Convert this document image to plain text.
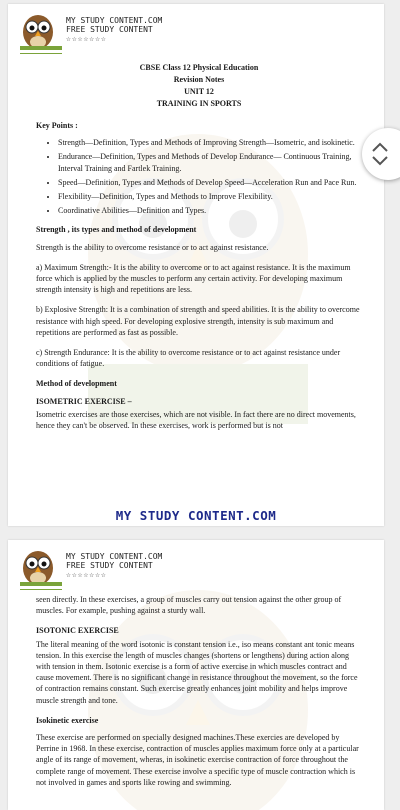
MY STUDY CONTENT.COM
FREE STUDY CONTENT
☆☆☆☆☆☆☆
CBSE Class 12 Physical Education
Revision Notes
UNIT 12
TRAINING IN SPORTS
Key Points :
• Strength—Definition, Types and Methods of Improving Strength—Isometric, and isokinetic.
• Endurance—Definition, Types and Methods of Develop Endurance— Continuous Training, Interval Training and Fartlek Training.
• Speed—Definition, Types and Methods of Develop Speed—Acceleration Run and Pace Run.
• Flexibility—Definition, Types and Methods to Improve Flexibility.
• Coordinative Abilities—Definition and Types.
Strength , its types and method of development

Strength is the ability to overcome resistance or to act against resistance.

a) Maximum Strength:- It is the ability to overcome or to act against resistance. It is the maximum force which is applied by the muscles to perform any certain activity. For developing maximum strength intensity is high and repetitions are less.

b) Explosive Strength: It is a combination of strength and speed abilities. It is the ability to overcome resistance with high speed. For developing explosive strength, intensity is sub maximum and repetitions are performed as fast as possible.

c) Strength Endurance: It is the ability to overcome resistance or to act against resistance under conditions of fatigue.

Method of development
ISOMETRIC EXERCISE –

Isometric exercises are those exercises, which are not visible. In fact there are no direct movements, hence they can't be observed. In these exercises, work is performed but is not

MY STUDY CONTENT.COM
MY STUDY CONTENT.COM
FREE STUDY CONTENT
☆☆☆☆☆☆☆

seen directly. In these exercises, a group of muscles carry out tension against the other group of muscles. For example, pushing against a sturdy wall.

ISOTONIC EXERCISE

The literal meaning of the word isotonic is constant tension i.e., iso means constant ant tonic means tension. In this exercise the length of muscles changes (shortens or lengthens) during action along with tension in them. Isotonic exercise is a form of active exercise in which muscles contract and cause movement. There is no significant change in resistance throughout the movement, so the force of contraction remains constant. Such exercise greatly enhances joint mobility and helps improve muscle strength and tone.

Isokinetic exercise

These exercise are performed on specially designed machines.These exercies are developed by Perrine in 1968. In these exercise, contraction of muscles applies maximum force only at a particular angle of its range of movement, wheras, in isokinetic exercise contraction of force throughout the complete range of movement. These exercise involve a specific type of muscle contraction which is not involved in games and sports like rowing and swimming.
